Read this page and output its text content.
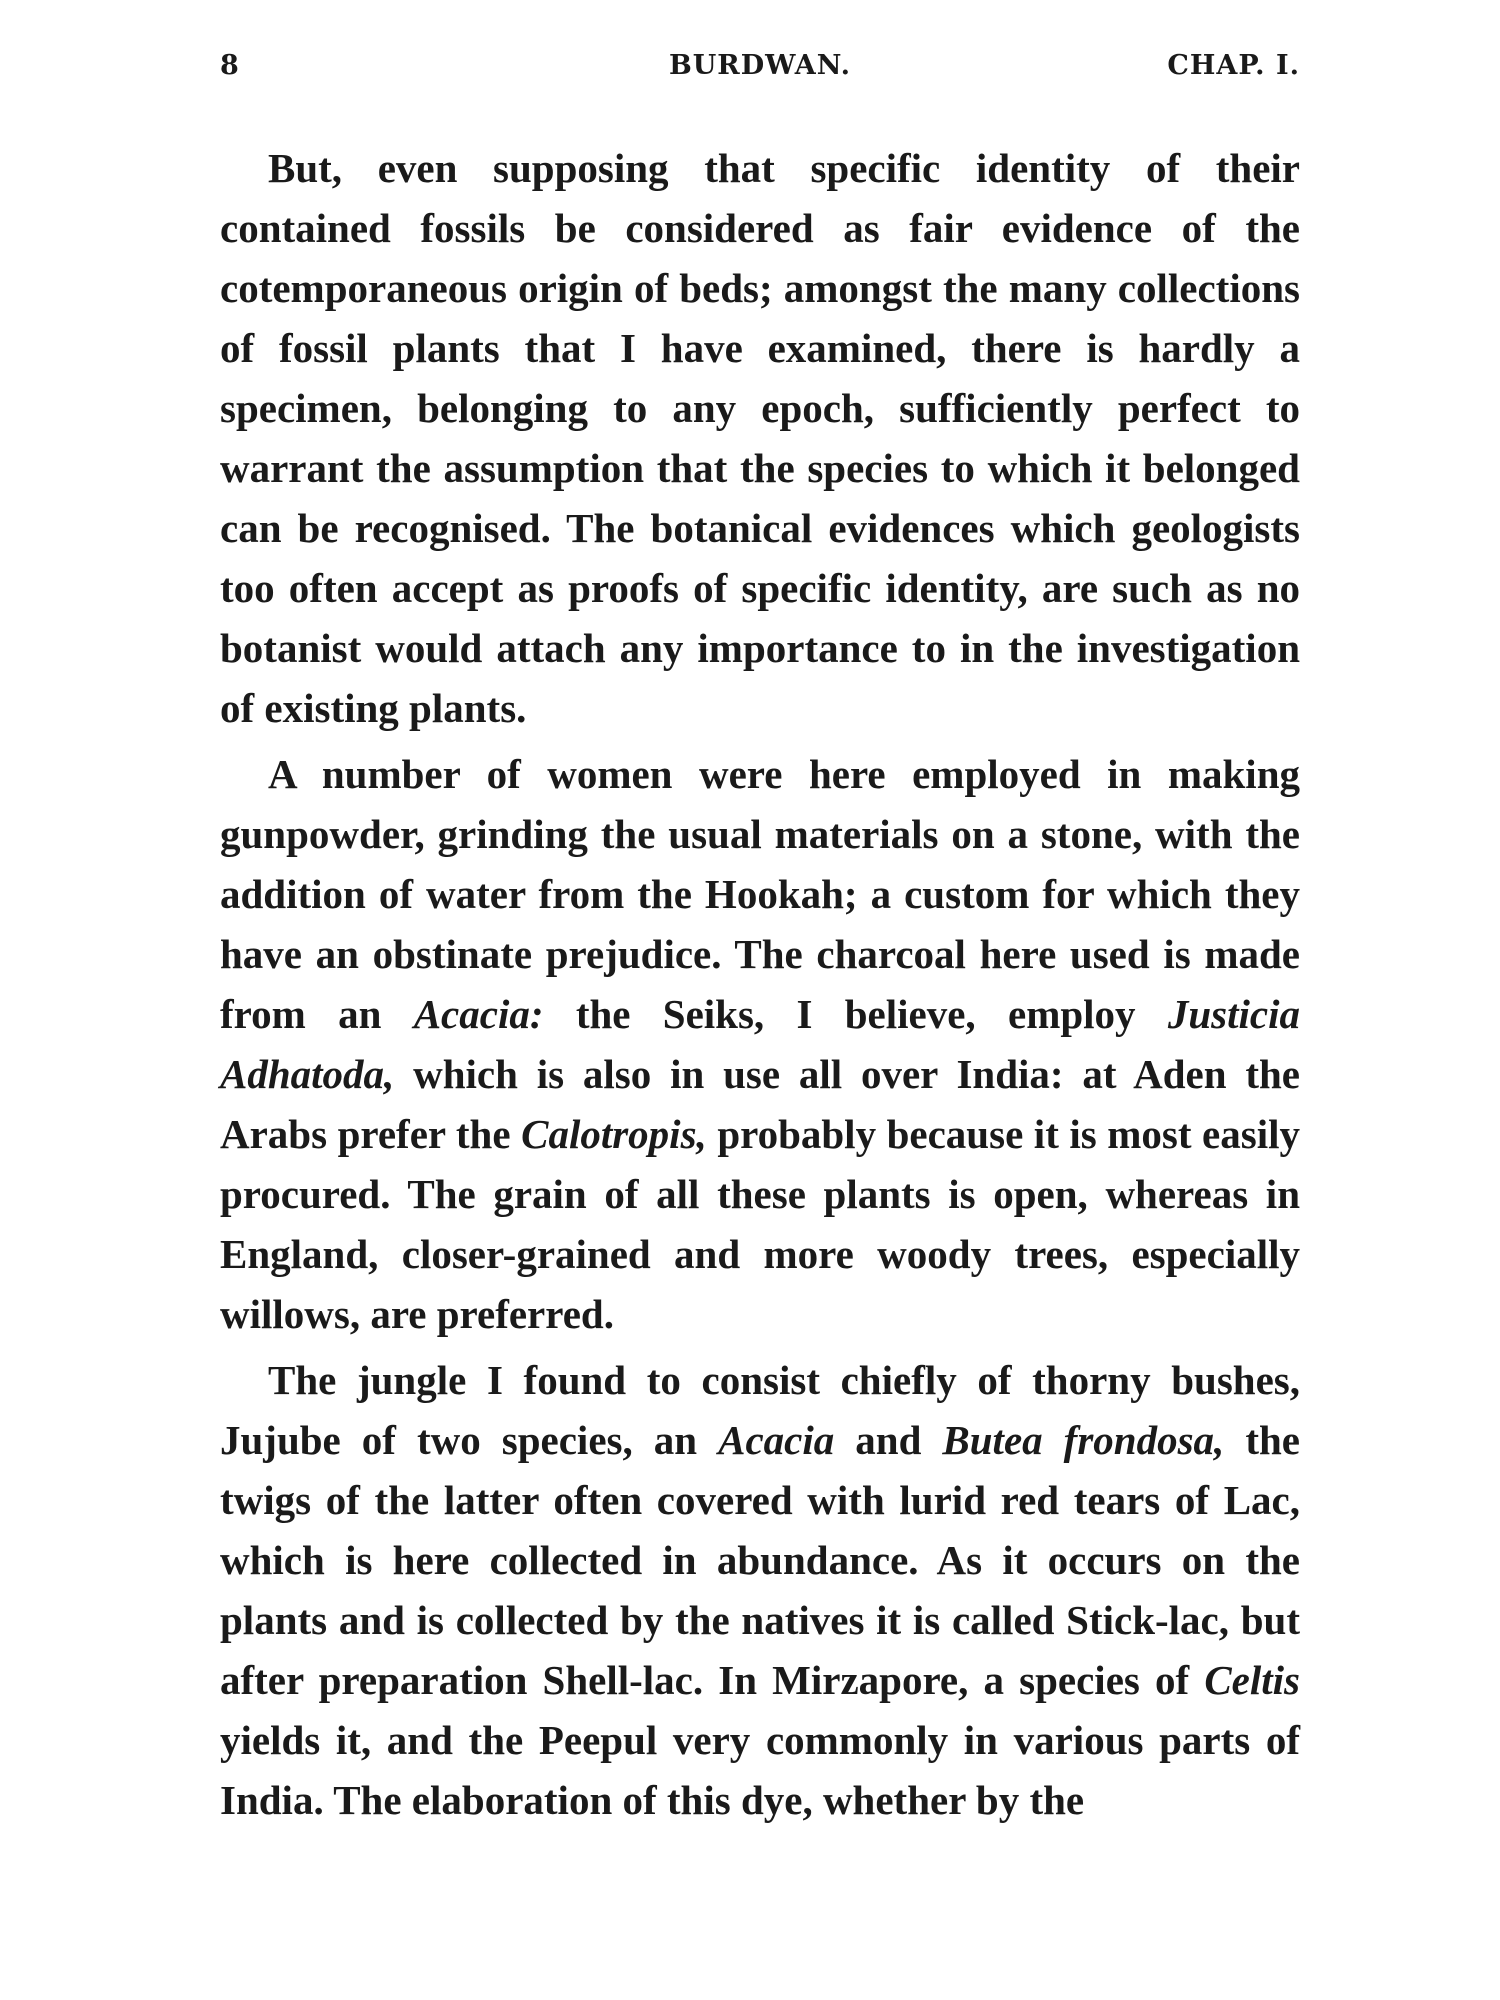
8	BURDWAN.	CHAP. I.

But, even supposing that specific identity of their contained fossils be considered as fair evidence of the cotemporaneous origin of beds; amongst the many collections of fossil plants that I have examined, there is hardly a specimen, belonging to any epoch, sufficiently perfect to warrant the assumption that the species to which it belonged can be recognised. The botanical evidences which geologists too often accept as proofs of specific identity, are such as no botanist would attach any importance to in the investigation of existing plants.

A number of women were here employed in making gunpowder, grinding the usual materials on a stone, with the addition of water from the Hookah; a custom for which they have an obstinate prejudice. The charcoal here used is made from an Acacia: the Seiks, I believe, employ Justicia Adhatoda, which is also in use all over India: at Aden the Arabs prefer the Calotropis, probably because it is most easily procured. The grain of all these plants is open, whereas in England, closer-grained and more woody trees, especially willows, are preferred.

The jungle I found to consist chiefly of thorny bushes, Jujube of two species, an Acacia and Butea frondosa, the twigs of the latter often covered with lurid red tears of Lac, which is here collected in abundance. As it occurs on the plants and is collected by the natives it is called Stick-lac, but after preparation Shell-lac. In Mirzapore, a species of Celtis yields it, and the Peepul very commonly in various parts of India. The elaboration of this dye, whether by the
